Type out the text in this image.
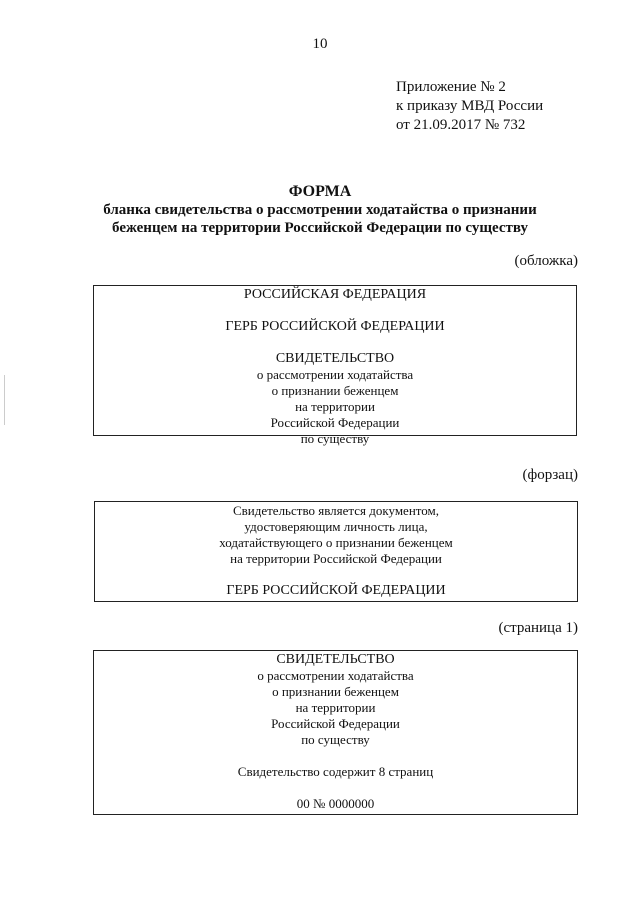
10
Приложение № 2
к приказу МВД России
от 21.09.2017 № 732
ФОРМА
бланка свидетельства о рассмотрении ходатайства о признании
беженцем на территории Российской Федерации по существу
(обложка)
РОССИЙСКАЯ ФЕДЕРАЦИЯ
ГЕРБ РОССИЙСКОЙ ФЕДЕРАЦИИ
СВИДЕТЕЛЬСТВО
о рассмотрении ходатайства
о признании беженцем
на территории
Российской Федерации
по существу
(форзац)
Свидетельство является документом,
удостоверяющим личность лица,
ходатайствующего о признании беженцем
на территории Российской Федерации
ГЕРБ РОССИЙСКОЙ ФЕДЕРАЦИИ
(страница 1)
СВИДЕТЕЛЬСТВО
о рассмотрении ходатайства
о признании беженцем
на территории
Российской Федерации
по существу
Свидетельство содержит 8 страниц
00 № 0000000
